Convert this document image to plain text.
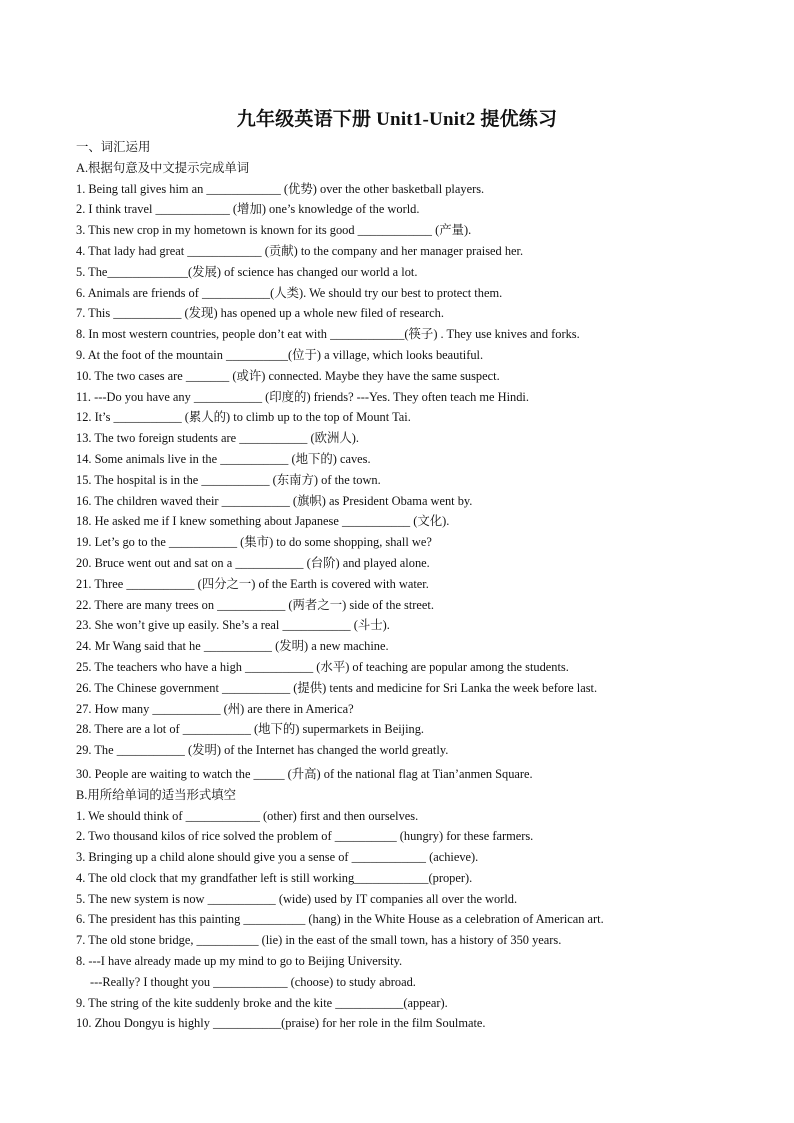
九年级英语下册 Unit1-Unit2 提优练习
一、词汇运用
A.根据句意及中文提示完成单词
1. Being tall gives him an ____________ (优势) over the other basketball players.
2. I think travel ____________ (增加) one’s knowledge of the world.
3. This new crop in my hometown is known for its good ____________ (产量).
4. That lady had great ____________ (贡献) to the company and her manager praised her.
5. The_____________(发展) of science has changed our world a lot.
6. Animals are friends of ___________(人类). We should try our best to protect them.
7. This ___________ (发现) has opened up a whole new filed of research.
8. In most western countries, people don’t eat with ____________(筷子) . They use knives and forks.
9. At the foot of the mountain __________(位于) a village, which looks beautiful.
10. The two cases are _______ (或许) connected. Maybe they have the same suspect.
11. ---Do you have any ___________ (印度的) friends? ---Yes. They often teach me Hindi.
12. It’s ___________ (累人的) to climb up to the top of Mount Tai.
13. The two foreign students are ___________ (欧洲人).
14. Some animals live in the ___________ (地下的) caves.
15. The hospital is in the ___________ (东南方) of the town.
16. The children waved their ___________ (旗帜) as President Obama went by.
18. He asked me if I knew something about Japanese ___________ (文化).
19. Let’s go to the ___________ (集市) to do some shopping, shall we?
20. Bruce went out and sat on a ___________ (台阶) and played alone.
21. Three ___________ (四分之一) of the Earth is covered with water.
22. There are many trees on ___________ (两者之一) side of the street.
23. She won’t give up easily. She’s a real ___________ (斗士).
24. Mr Wang said that he ___________ (发明) a new machine.
25. The teachers who have a high ___________ (水平) of teaching are popular among the students.
26. The Chinese government ___________ (提供) tents and medicine for Sri Lanka the week before last.
27. How many ___________ (州) are there in America?
28. There are a lot of ___________ (地下的) supermarkets in Beijing.
29. The ___________ (发明) of the Internet has changed the world greatly.
30. People are waiting to watch the _____ (升高) of the national flag at Tian’anmen Square.
B.用所给单词的适当形式填空
1. We should think of ____________ (other) first and then ourselves.
2. Two thousand kilos of rice solved the problem of __________ (hungry) for these farmers.
3. Bringing up a child alone should give you a sense of ____________ (achieve).
4. The old clock that my grandfather left is still working____________(proper).
5. The new system is now ___________ (wide) used by IT companies all over the world.
6. The president has this painting __________ (hang) in the White House as a celebration of American art.
7. The old stone bridge, __________ (lie) in the east of the small town, has a history of 350 years.
8. ---I have already made up my mind to go to Beijing University.
---Really? I thought you ____________ (choose) to study abroad.
9. The string of the kite suddenly broke and the kite ___________(appear).
10. Zhou Dongyu is highly ___________(praise) for her role in the film Soulmate.
